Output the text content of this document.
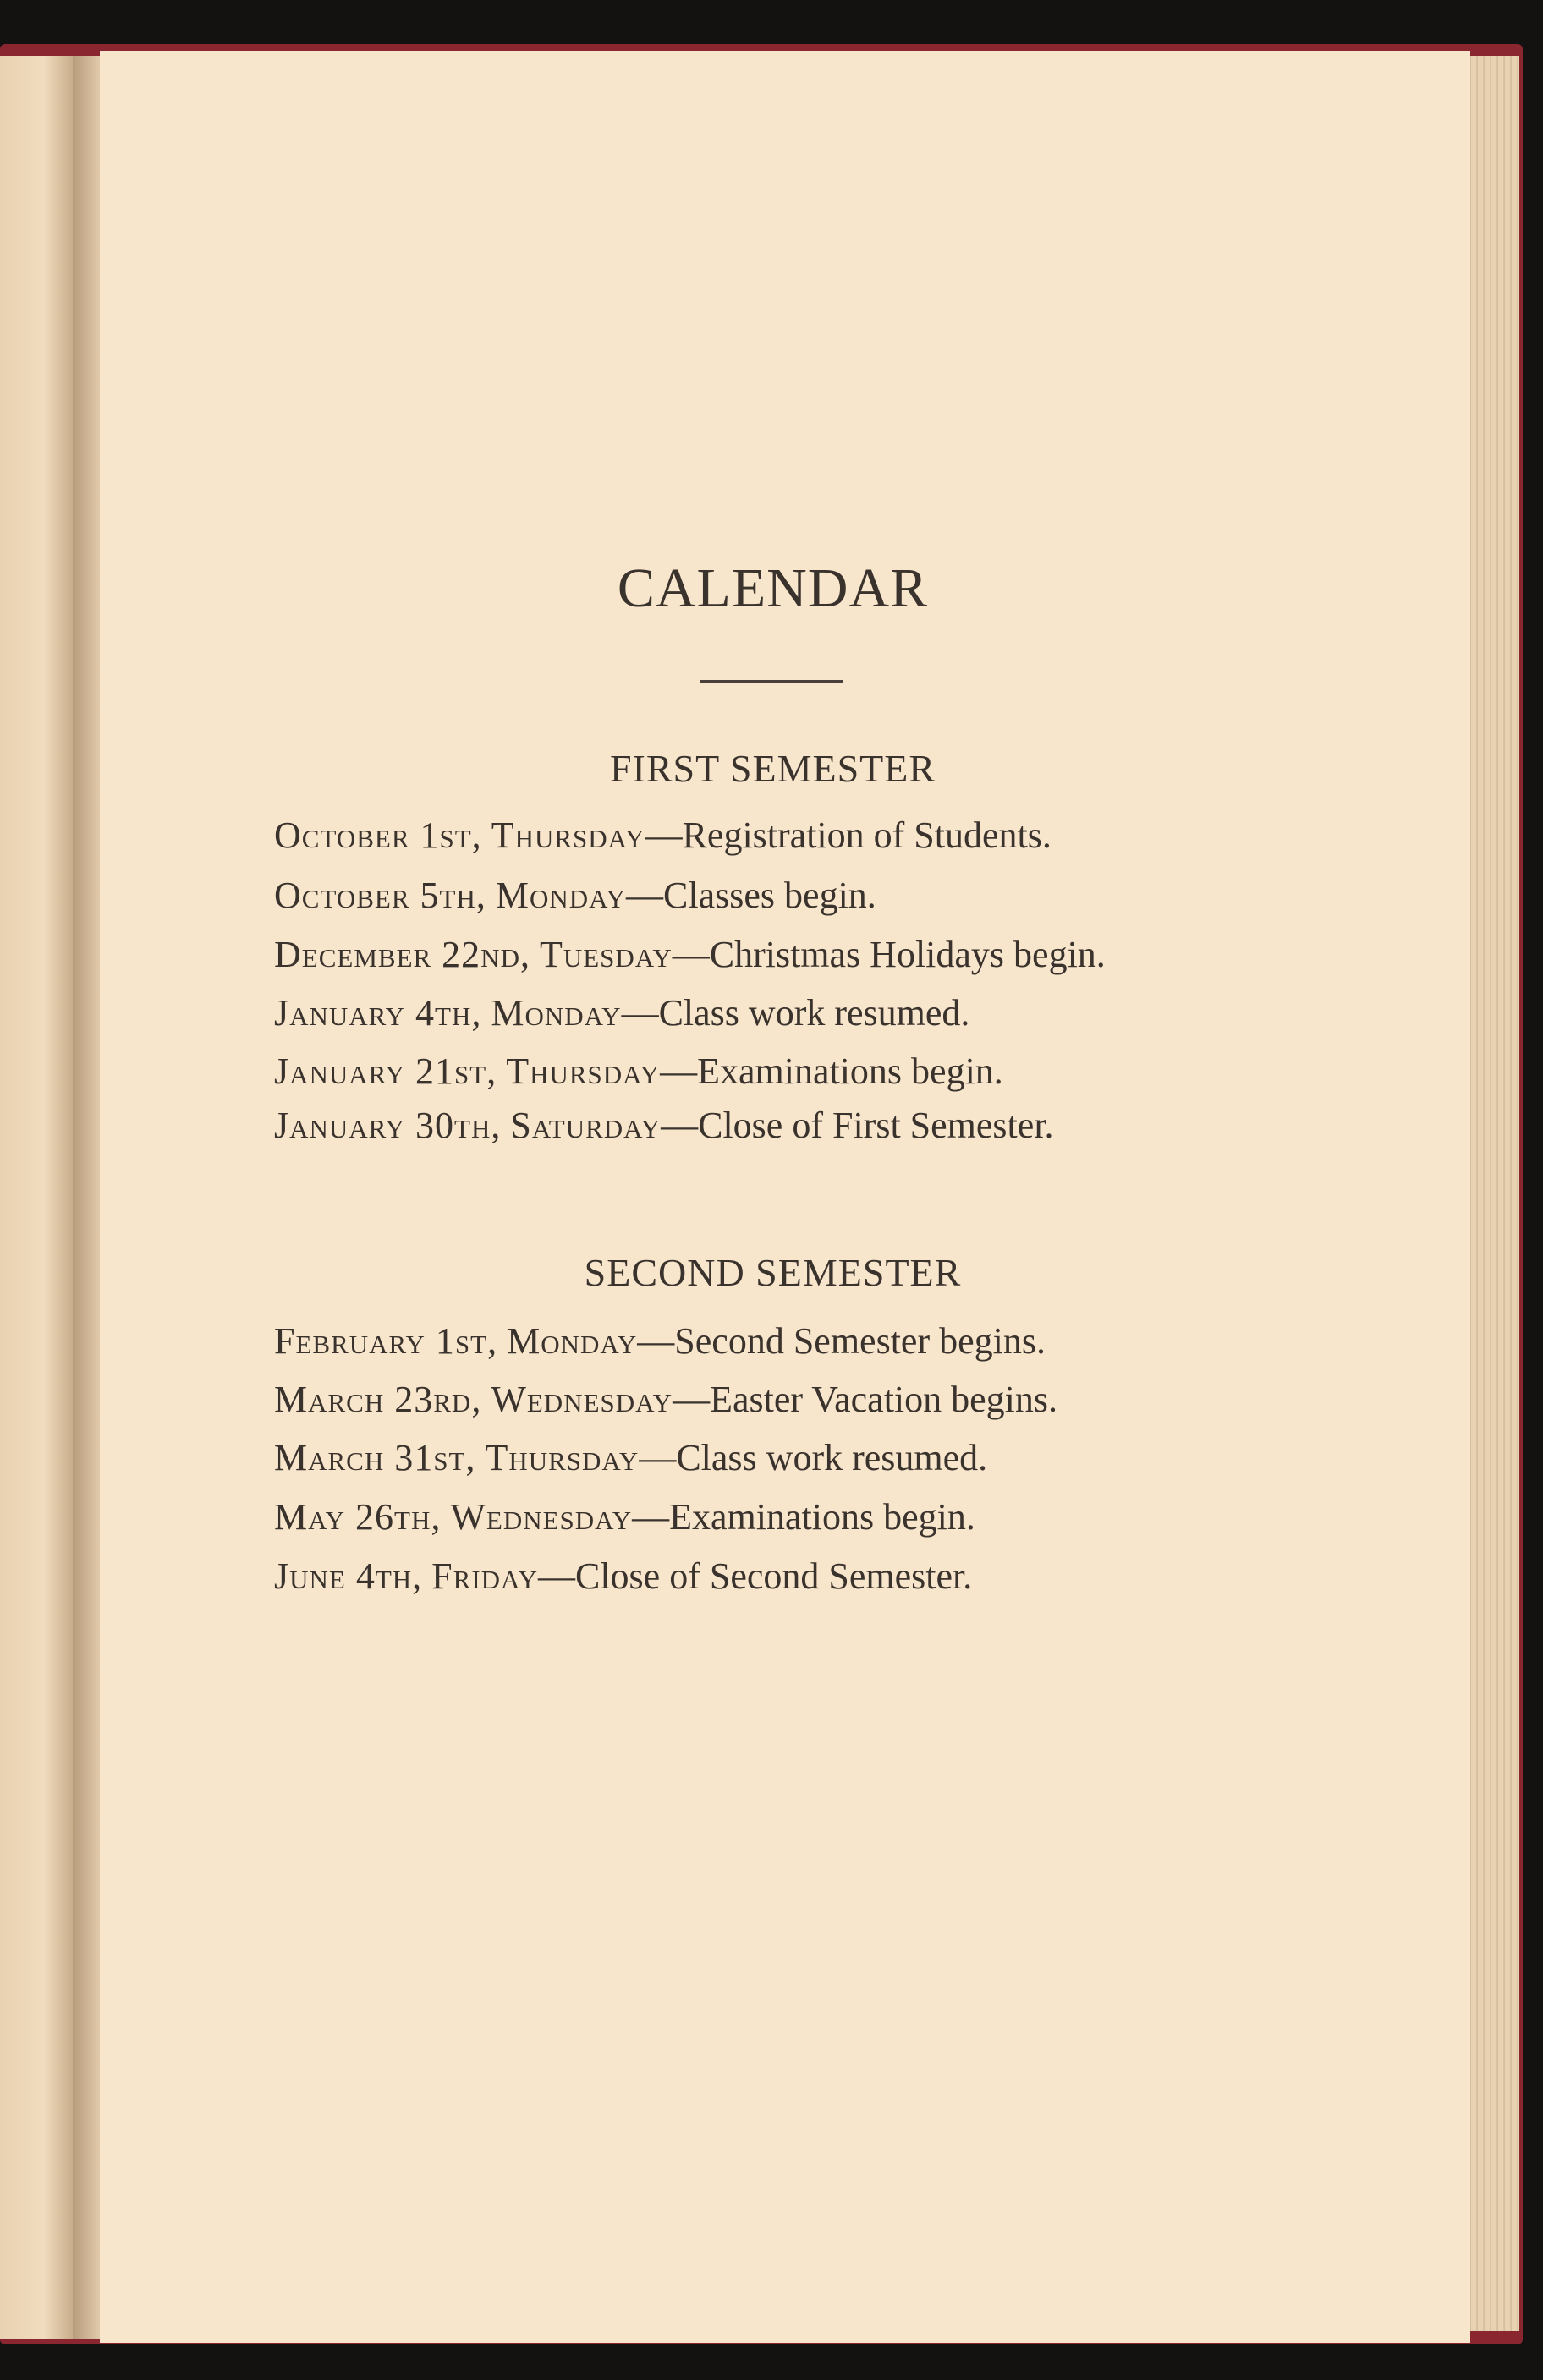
CALENDAR
FIRST SEMESTER
October 1st, Thursday—Registration of Students.
October 5th, Monday—Classes begin.
December 22nd, Tuesday—Christmas Holidays begin.
January 4th, Monday—Class work resumed.
January 21st, Thursday—Examinations begin.
January 30th, Saturday—Close of First Semester.
SECOND SEMESTER
February 1st, Monday—Second Semester begins.
March 23rd, Wednesday—Easter Vacation begins.
March 31st, Thursday—Class work resumed.
May 26th, Wednesday—Examinations begin.
June 4th, Friday—Close of Second Semester.
